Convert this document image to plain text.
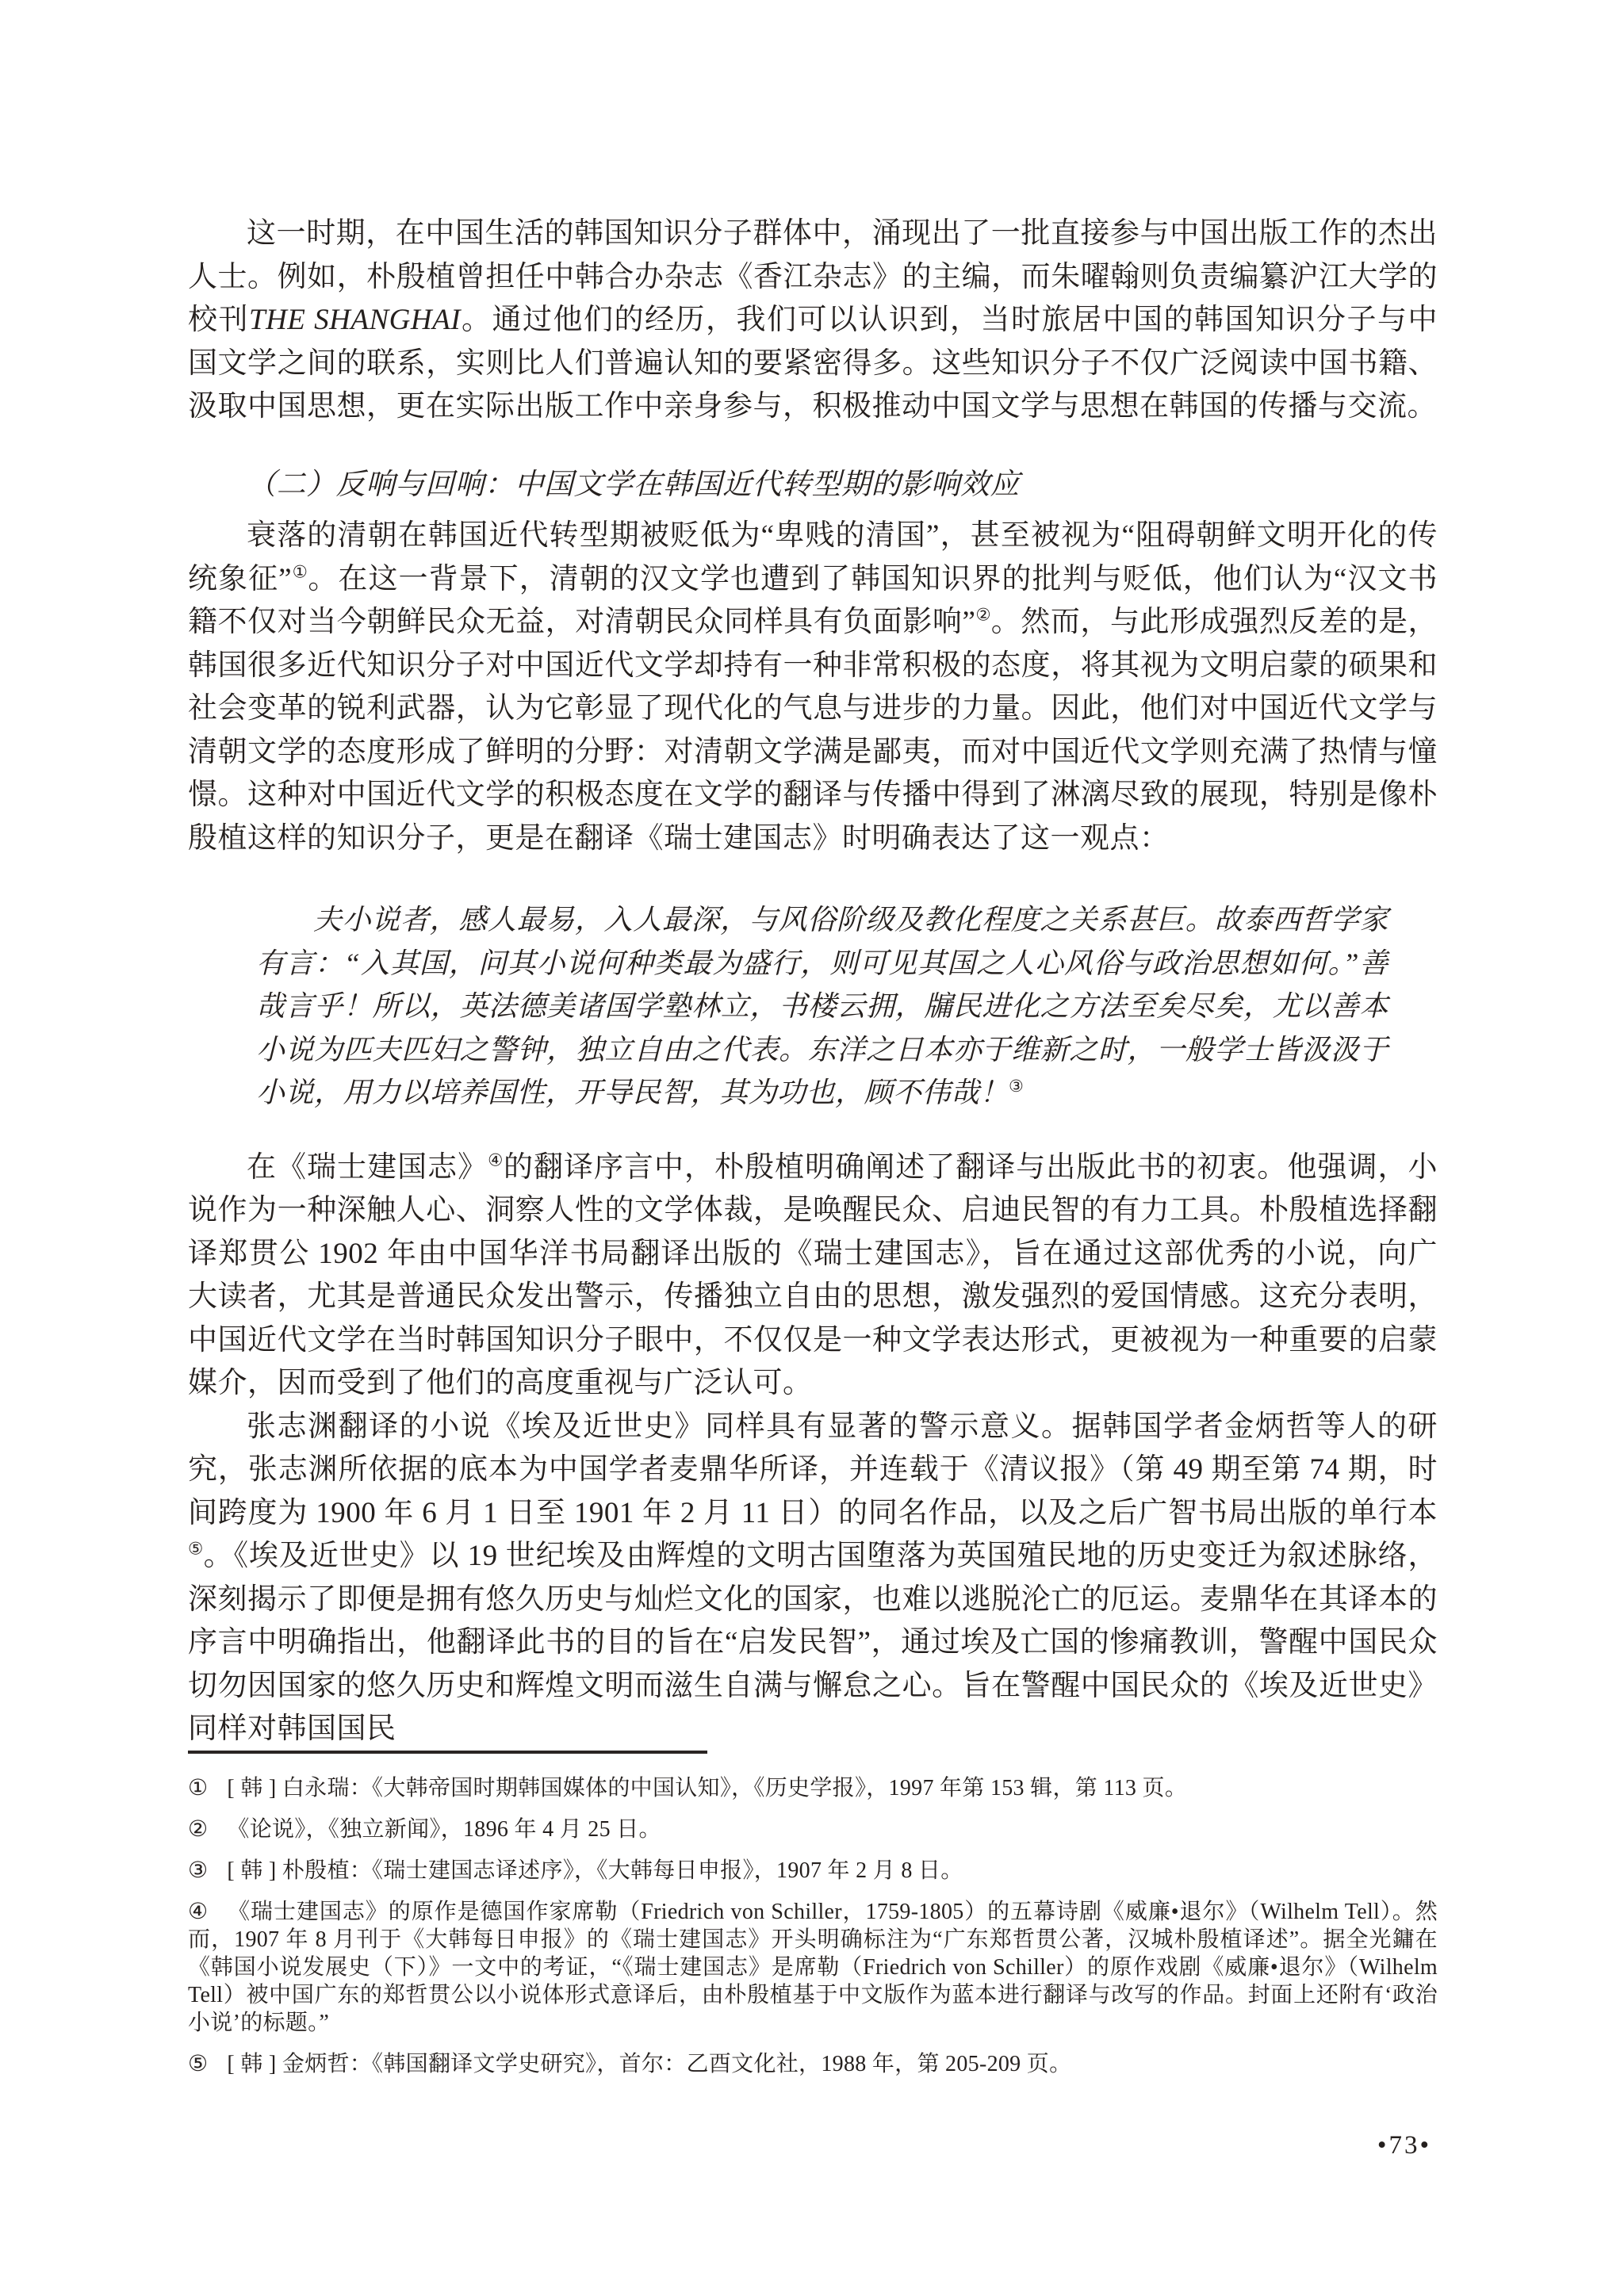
这一时期，在中国生活的韩国知识分子群体中，涌现出了一批直接参与中国出版工作的杰出人士。例如，朴殷植曾担任中韩合办杂志《香江杂志》的主编，而朱曜翰则负责编纂沪江大学的校刊THE SHANGHAI。通过他们的经历，我们可以认识到，当时旅居中国的韩国知识分子与中国文学之间的联系，实则比人们普遍认知的要紧密得多。这些知识分子不仅广泛阅读中国书籍、汲取中国思想，更在实际出版工作中亲身参与，积极推动中国文学与思想在韩国的传播与交流。

（二）反响与回响：中国文学在韩国近代转型期的影响效应

衰落的清朝在韩国近代转型期被贬低为“卑贱的清国”，甚至被视为“阻碍朝鲜文明开化的传统象征”①。在这一背景下，清朝的汉文学也遭到了韩国知识界的批判与贬低，他们认为“汉文书籍不仅对当今朝鲜民众无益，对清朝民众同样具有负面影响”②。然而，与此形成强烈反差的是，韩国很多近代知识分子对中国近代文学却持有一种非常积极的态度，将其视为文明启蒙的硕果和社会变革的锐利武器，认为它彰显了现代化的气息与进步的力量。因此，他们对中国近代文学与清朝文学的态度形成了鲜明的分野：对清朝文学满是鄙夷，而对中国近代文学则充满了热情与憧憬。这种对中国近代文学的积极态度在文学的翻译与传播中得到了淋漓尽致的展现，特别是像朴殷植这样的知识分子，更是在翻译《瑞士建国志》时明确表达了这一观点：

夫小说者，感人最易，入人最深，与风俗阶级及教化程度之关系甚巨。故泰西哲学家有言：“入其国，问其小说何种类最为盛行，则可见其国之人心风俗与政治思想如何。”善哉言乎！所以，英法德美诸国学塾林立，书楼云拥，牖民进化之方法至矣尽矣，尤以善本小说为匹夫匹妇之警钟，独立自由之代表。东洋之日本亦于维新之时，一般学士皆汲汲于小说，用力以培养国性，开导民智，其为功也，顾不伟哉！③

在《瑞士建国志》④的翻译序言中，朴殷植明确阐述了翻译与出版此书的初衷。他强调，小说作为一种深触人心、洞察人性的文学体裁，是唤醒民众、启迪民智的有力工具。朴殷植选择翻译郑贯公 1902 年由中国华洋书局翻译出版的《瑞士建国志》，旨在通过这部优秀的小说，向广大读者，尤其是普通民众发出警示，传播独立自由的思想，激发强烈的爱国情感。这充分表明，中国近代文学在当时韩国知识分子眼中，不仅仅是一种文学表达形式，更被视为一种重要的启蒙媒介，因而受到了他们的高度重视与广泛认可。

张志渊翻译的小说《埃及近世史》同样具有显著的警示意义。据韩国学者金炳哲等人的研究，张志渊所依据的底本为中国学者麦鼎华所译，并连载于《清议报》（第 49 期至第 74 期，时间跨度为 1900 年 6 月 1 日至 1901 年 2 月 11 日）的同名作品，以及之后广智书局出版的单行本⑤。《埃及近世史》以 19 世纪埃及由辉煌的文明古国堕落为英国殖民地的历史变迁为叙述脉络，深刻揭示了即便是拥有悠久历史与灿烂文化的国家，也难以逃脱沦亡的厄运。麦鼎华在其译本的序言中明确指出，他翻译此书的目的旨在“启发民智”，通过埃及亡国的惨痛教训，警醒中国民众切勿因国家的悠久历史和辉煌文明而滋生自满与懈怠之心。旨在警醒中国民众的《埃及近世史》同样对韩国国民

① [ 韩 ] 白永瑞：《大韩帝国时期韩国媒体的中国认知》，《历史学报》，1997 年第 153 辑，第 113 页。

② 《论说》，《独立新闻》，1896 年 4 月 25 日。

③ [ 韩 ] 朴殷植：《瑞士建国志译述序》，《大韩每日申报》，1907 年 2 月 8 日。

④ 《瑞士建国志》的原作是德国作家席勒（Friedrich von Schiller，1759-1805）的五幕诗剧《威廉•退尔》（Wilhelm Tell）。然而，1907 年 8 月刊于《大韩每日申报》的《瑞士建国志》开头明确标注为“广东郑哲贯公著，汉城朴殷植译述”。据全光鏞在《韩国小说发展史（下）》一文中的考证，“《瑞士建国志》是席勒（Friedrich von Schiller）的原作戏剧《威廉•退尔》（Wilhelm Tell）被中国广东的郑哲贯公以小说体形式意译后，由朴殷植基于中文版作为蓝本进行翻译与改写的作品。封面上还附有‘政治小说’的标题。”

⑤ [ 韩 ] 金炳哲：《韩国翻译文学史研究》，首尔：乙酉文化社，1988 年，第 205-209 页。

•73•
